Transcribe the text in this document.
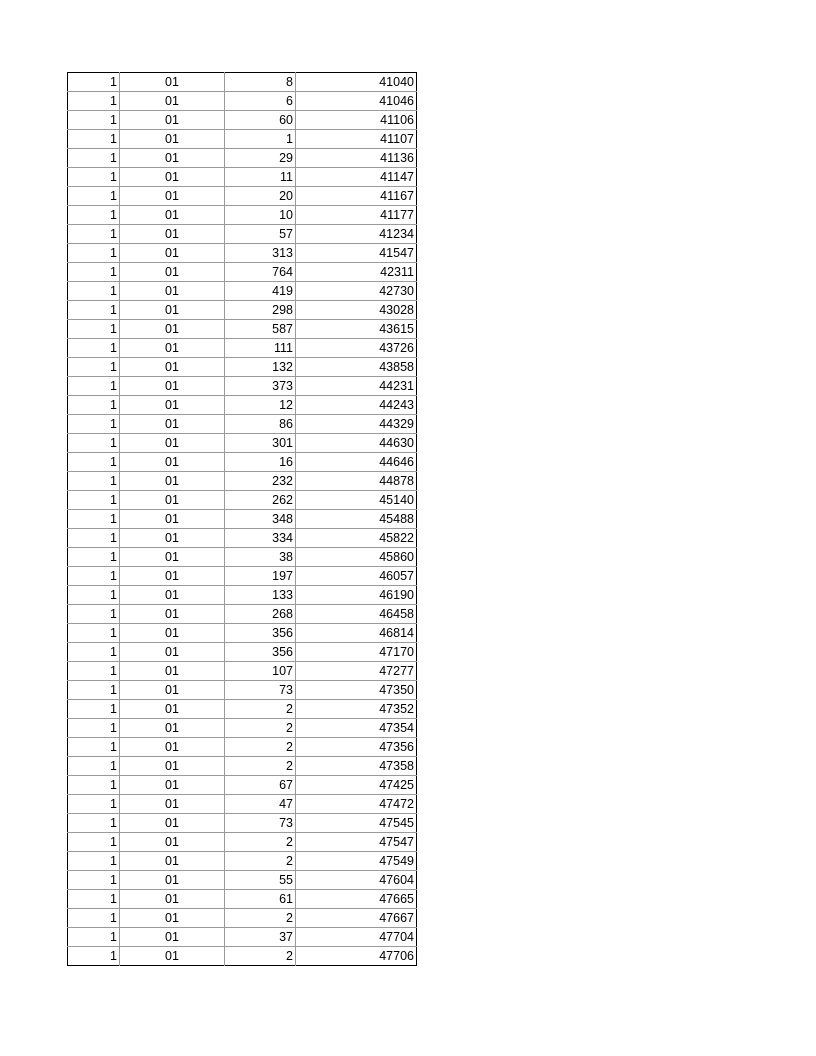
1	01	8	41040
1	01	6	41046
1	01	60	41106
1	01	1	41107
1	01	29	41136
1	01	11	41147
1	01	20	41167
1	01	10	41177
1	01	57	41234
1	01	313	41547
1	01	764	42311
1	01	419	42730
1	01	298	43028
1	01	587	43615
1	01	111	43726
1	01	132	43858
1	01	373	44231
1	01	12	44243
1	01	86	44329
1	01	301	44630
1	01	16	44646
1	01	232	44878
1	01	262	45140
1	01	348	45488
1	01	334	45822
1	01	38	45860
1	01	197	46057
1	01	133	46190
1	01	268	46458
1	01	356	46814
1	01	356	47170
1	01	107	47277
1	01	73	47350
1	01	2	47352
1	01	2	47354
1	01	2	47356
1	01	2	47358
1	01	67	47425
1	01	47	47472
1	01	73	47545
1	01	2	47547
1	01	2	47549
1	01	55	47604
1	01	61	47665
1	01	2	47667
1	01	37	47704
1	01	2	47706
